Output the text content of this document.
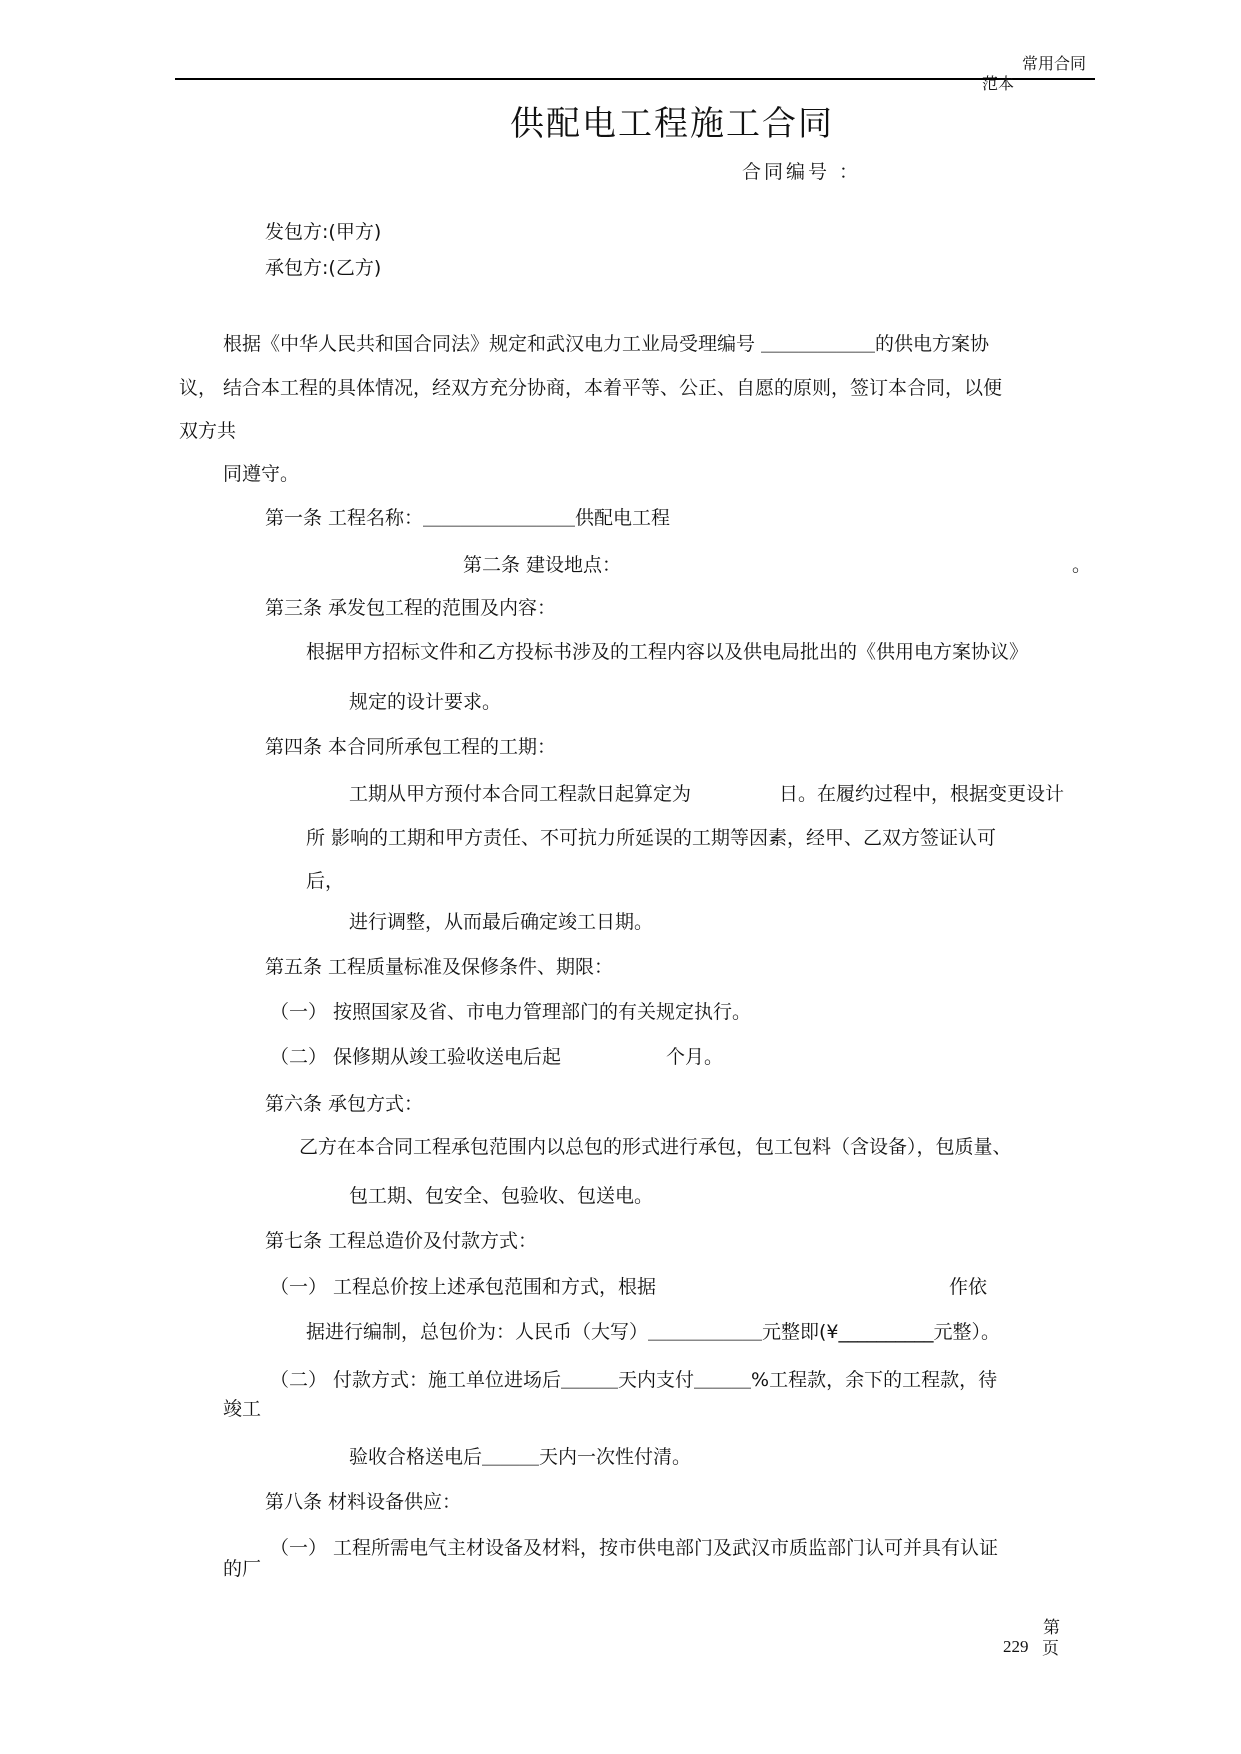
常用合同
范本
供配电工程施工合同
合同编号 ：
发包方:(甲方)
承包方:(乙方)
根据《中华人民共和国合同法》规定和武汉电力工业局受理编号 ＿＿＿＿＿＿的供电方案协
议， 结合本工程的具体情况，经双方充分协商，本着平等、公正、自愿的原则，签订本合同，以便
双方共
同遵守。
第一条 工程名称：＿＿＿＿＿＿＿＿供配电工程
第二条 建设地点：	。
第三条 承发包工程的范围及内容：
根据甲方招标文件和乙方投标书涉及的工程内容以及供电局批出的《供用电方案协议》
规定的设计要求。
第四条 本合同所承包工程的工期：
工期从甲方预付本合同工程款日起算定为	日。在履约过程中，根据变更设计
所 影响的工期和甲方责任、不可抗力所延误的工期等因素，经甲、乙双方签证认可
后，
进行调整，从而最后确定竣工日期。
第五条 工程质量标准及保修条件、期限：
（一） 按照国家及省、市电力管理部门的有关规定执行。
（二） 保修期从竣工验收送电后起	个月。
第六条 承包方式：
乙方在本合同工程承包范围内以总包的形式进行承包，包工包料（含设备），包质量、
包工期、包安全、包验收、包送电。
第七条 工程总造价及付款方式：
（一） 工程总价按上述承包范围和方式，根据	作依
据进行编制，总包价为：人民币（大写）＿＿＿＿＿＿元整即(¥__________元整）。
（二） 付款方式：施工单位进场后＿＿＿天内支付＿＿＿%工程款，余下的工程款，待
竣工
验收合格送电后＿＿＿天内一次性付清。
第八条 材料设备供应：
（一） 工程所需电气主材设备及材料，按市供电部门及武汉市质监部门认可并具有认证
的厂
第
229 页
